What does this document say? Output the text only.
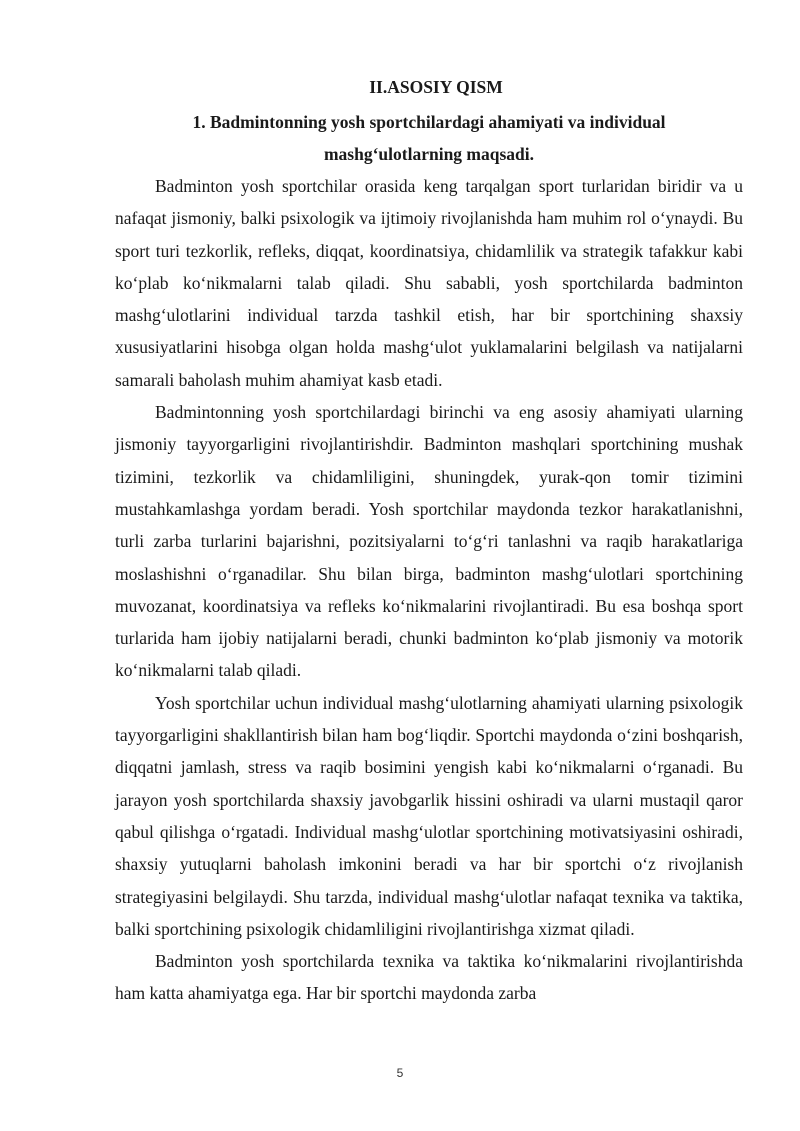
II.ASOSIY QISM
1. Badmintonning yosh sportchilardagi ahamiyati va individual
mashg‘ulotlarning maqsadi.

Badminton yosh sportchilar orasida keng tarqalgan sport turlaridan biridir va u nafaqat jismoniy, balki psixologik va ijtimoiy rivojlanishda ham muhim rol o‘ynaydi. Bu sport turi tezkorlik, refleks, diqqat, koordinatsiya, chidamlilik va strategik tafakkur kabi ko‘plab ko‘nikmalarni talab qiladi. Shu sababli, yosh sportchilarda badminton mashg‘ulotlarini individual tarzda tashkil etish, har bir sportchining shaxsiy xususiyatlarini hisobga olgan holda mashg‘ulot yuklamalarini belgilash va natijalarni samarali baholash muhim ahamiyat kasb etadi.

Badmintonning yosh sportchilardagi birinchi va eng asosiy ahamiyati ularning jismoniy tayyorgarligini rivojlantirishdir. Badminton mashqlari sportchining mushak tizimini, tezkorlik va chidamliligini, shuningdek, yurak-qon tomir tizimini mustahkamlashga yordam beradi. Yosh sportchilar maydonda tezkor harakatlanishni, turli zarba turlarini bajarishni, pozitsiyalarni to‘g‘ri tanlashni va raqib harakatlariga moslashishni o‘rganadilar. Shu bilan birga, badminton mashg‘ulotlari sportchining muvozanat, koordinatsiya va refleks ko‘nikmalarini rivojlantiradi. Bu esa boshqa sport turlarida ham ijobiy natijalarni beradi, chunki badminton ko‘plab jismoniy va motorik ko‘nikmalarni talab qiladi.

Yosh sportchilar uchun individual mashg‘ulotlarning ahamiyati ularning psixologik tayyorgarligini shakllantirish bilan ham bog‘liqdir. Sportchi maydonda o‘zini boshqarish, diqqatni jamlash, stress va raqib bosimini yengish kabi ko‘nikmalarni o‘rganadi. Bu jarayon yosh sportchilarda shaxsiy javobgarlik hissini oshiradi va ularni mustaqil qaror qabul qilishga o‘rgatadi. Individual mashg‘ulotlar sportchining motivatsiyasini oshiradi, shaxsiy yutuqlarni baholash imkonini beradi va har bir sportchi o‘z rivojlanish strategiyasini belgilaydi. Shu tarzda, individual mashg‘ulotlar nafaqat texnika va taktika, balki sportchining psixologik chidamliligini rivojlantirishga xizmat qiladi.

Badminton yosh sportchilarda texnika va taktika ko‘nikmalarini rivojlantirishda ham katta ahamiyatga ega. Har bir sportchi maydonda zarba

5
